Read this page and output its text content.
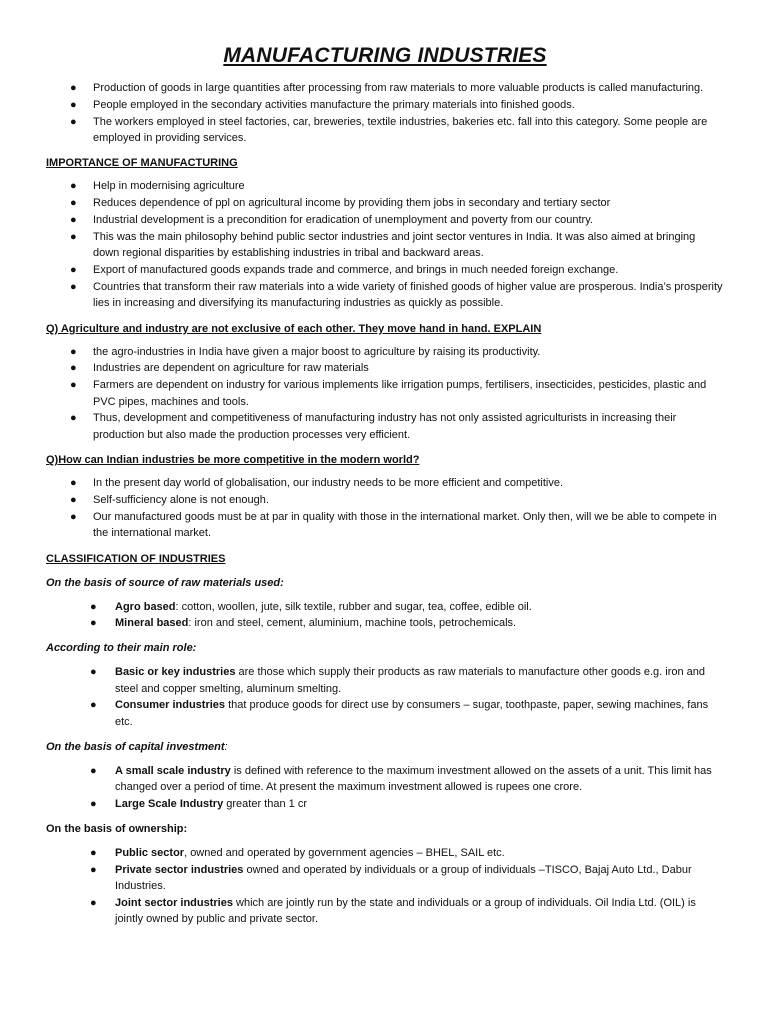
MANUFACTURING INDUSTRIES
● Production of goods in large quantities after processing from raw materials to more valuable products is called manufacturing.
● People employed in the secondary activities manufacture the primary materials into finished goods.
● The workers employed in steel factories, car, breweries, textile industries, bakeries etc. fall into this category. Some people are employed in providing services.
IMPORTANCE OF MANUFACTURING
● Help in modernising agriculture
● Reduces dependence of ppl on agricultural income by providing them jobs in secondary and tertiary sector
● Industrial development is a precondition for eradication of unemployment and poverty from our country.
● This was the main philosophy behind public sector industries and joint sector ventures in India. It was also aimed at bringing down regional disparities by establishing industries in tribal and backward areas.
● Export of manufactured goods expands trade and commerce, and brings in much needed foreign exchange.
● Countries that transform their raw materials into a wide variety of finished goods of higher value are prosperous. India’s prosperity lies in increasing and diversifying its manufacturing industries as quickly as possible.
Q) Agriculture and industry are not exclusive of each other. They move hand in hand. EXPLAIN
● the agro-industries in India have given a major boost to agriculture by raising its productivity.
● Industries are dependent on agriculture for raw materials
● Farmers are dependent on industry for various implements like irrigation pumps, fertilisers, insecticides, pesticides, plastic and PVC pipes, machines and tools.
● Thus, development and competitiveness of manufacturing industry has not only assisted agriculturists in increasing their production but also made the production processes very efficient.
Q)How can Indian industries be more competitive in the modern world?
● In the present day world of globalisation, our industry needs to be more efficient and competitive.
● Self-sufficiency alone is not enough.
● Our manufactured goods must be at par in quality with those in the international market. Only then, will we be able to compete in the international market.
CLASSIFICATION OF INDUSTRIES
On the basis of source of raw materials used:
● Agro based: cotton, woollen, jute, silk textile, rubber and sugar, tea, coffee, edible oil.
● Mineral based: iron and steel, cement, aluminium, machine tools, petrochemicals.
According to their main role:
● Basic or key industries are those which supply their products as raw materials to manufacture other goods e.g. iron and steel and copper smelting, aluminum smelting.
● Consumer industries that produce goods for direct use by consumers – sugar, toothpaste, paper, sewing machines, fans etc.
On the basis of capital investment:
● A small scale industry is defined with reference to the maximum investment allowed on the assets of a unit. This limit has changed over a period of time. At present the maximum investment allowed is rupees one crore.
● Large Scale Industry greater than 1 cr
On the basis of ownership:
● Public sector, owned and operated by government agencies – BHEL, SAIL etc.
● Private sector industries owned and operated by individuals or a group of individuals –TISCO, Bajaj Auto Ltd., Dabur Industries.
● Joint sector industries which are jointly run by the state and individuals or a group of individuals. Oil India Ltd. (OIL) is jointly owned by public and private sector.
